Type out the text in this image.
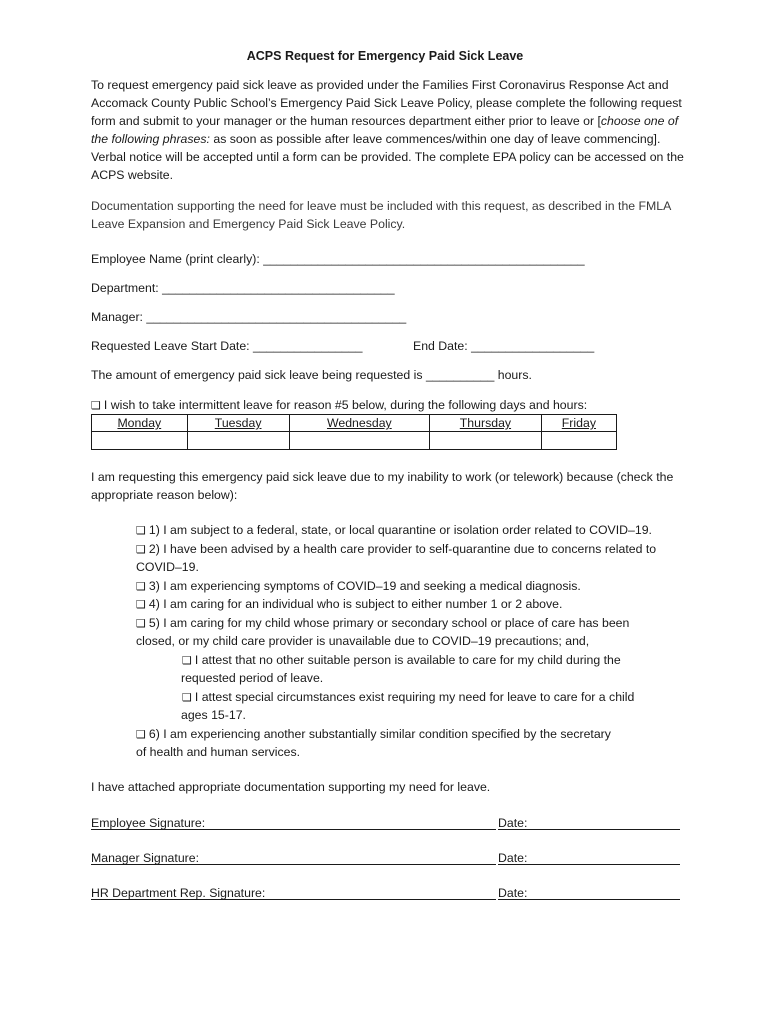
ACPS Request for Emergency Paid Sick Leave
To request emergency paid sick leave as provided under the Families First Coronavirus Response Act and Accomack County Public School’s Emergency Paid Sick Leave Policy, please complete the following request form and submit to your manager or the human resources department either prior to leave or [choose one of the following phrases: as soon as possible after leave commences/within one day of leave commencing]. Verbal notice will be accepted until a form can be provided. The complete EPA policy can be accessed on the ACPS website.
Documentation supporting the need for leave must be included with this request, as described in the FMLA Leave Expansion and Emergency Paid Sick Leave Policy.
Employee Name (print clearly): _______________________________________________
Department: __________________________________
Manager: ______________________________________
Requested Leave Start Date: ________________	End Date: __________________
The amount of emergency paid sick leave being requested is __________ hours.
❑ I wish to take intermittent leave for reason #5 below, during the following days and hours:
Monday	Tuesday	Wednesday	Thursday	Friday

I am requesting this emergency paid sick leave due to my inability to work (or telework) because (check the appropriate reason below):
❑ 1) I am subject to a federal, state, or local quarantine or isolation order related to COVID–19.
❑ 2) I have been advised by a health care provider to self-quarantine due to concerns related to
COVID–19.
❑ 3) I am experiencing symptoms of COVID–19 and seeking a medical diagnosis.
❑ 4) I am caring for an individual who is subject to either number 1 or 2 above.
❑ 5) I am caring for my child whose primary or secondary school or place of care has been
closed, or my child care provider is unavailable due to COVID–19 precautions; and,
❑ I attest that no other suitable person is available to care for my child during the
requested period of leave.
❑ I attest special circumstances exist requiring my need for leave to care for a child
ages 15-17.
❑ 6) I am experiencing another substantially similar condition specified by the secretary
of health and human services.
I have attached appropriate documentation supporting my need for leave.
Employee Signature:	Date:
Manager Signature:	Date:
HR Department Rep. Signature:	Date:
